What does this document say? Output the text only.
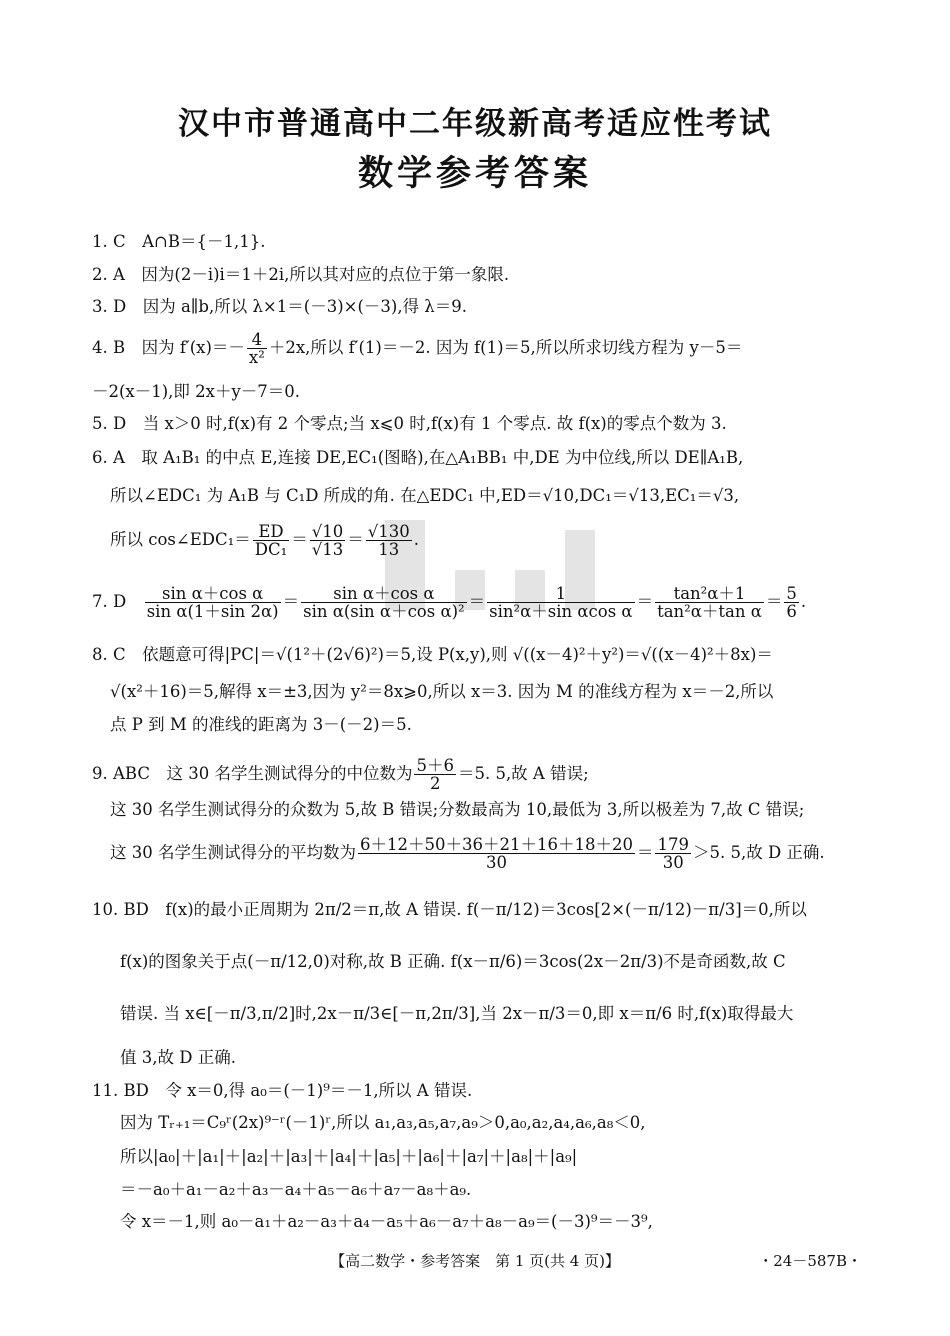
汉中市普通高中二年级新高考适应性考试
数学参考答案
1. C　A∩B＝{－1,1}.
2. A　因为(2－i)i＝1＋2i,所以其对应的点位于第一象限.
3. D　因为 a∥b,所以 λ×1＝(－3)×(－3),得 λ＝9.
4. B　因为 $f'(x)=- \frac{4}{\text{x²}} +2x$,所以 f′(1)＝－2. 因为 f(1)＝5,所以所求切线方程为 y－5＝
－2(x－1),即 2x＋y－7＝0.
5. D　当 x＞0 时,f(x)有 2 个零点;当 x⩽0 时,f(x)有 1 个零点. 故 f(x)的零点个数为 3.
6. A　取 A₁B₁ 的中点 E,连接 DE,EC₁(图略),在△A₁BB₁ 中,DE 为中位线,所以 DE∥A₁B,
所以∠EDC₁ 为 A₁B 与 C₁D 所成的角. 在△EDC₁ 中,ED＝√10,DC₁＝√13,EC₁＝√3,
所以 cos∠EDC₁＝ $\frac{ED}{\text{DC₁}} = \frac{√10}{√13} = \frac{√130}{13}$ .
7. D　 $\frac{\text{sin α＋cos α}}{\text{sin α(1＋sin 2α)}} = \frac{\text{sin α＋cos α}}{\text{sin α(sin α＋cos α)²}} = \frac{1}{\text{sin²α＋sin αcos α}} = \frac{\text{tan²α＋1}}{\text{tan²α＋tan α}} = \frac{5}{6}$ .
8. C　依题意可得|PC|＝√(1²＋(2√6)²)＝5,设 P(x,y),则 √((x－4)²＋y²)＝√((x－4)²＋8x)＝
√(x²＋16)＝5,解得 x＝±3,因为 y²＝8x⩾0,所以 x＝3. 因为 M 的准线方程为 x＝－2,所以
点 P 到 M 的准线的距离为 3－(－2)＝5.
9. ABC　这 30 名学生测试得分的中位数为 $\frac{5+6}{2} =5$. 5,故 A 错误;
这 30 名学生测试得分的众数为 5,故 B 错误;分数最高为 10,最低为 3,所以极差为 7,故 C 错误;
这 30 名学生测试得分的平均数为 $\frac{6+12+50+36+21+16+18+20}{30} = \frac{179}{30} >5$. 5,故 D 正确.
10. BD　f(x)的最小正周期为 2π/2＝π,故 A 错误. f(－π/12)＝3cos[2×(－π/12)－π/3]＝0,所以
f(x)的图象关于点(－π/12,0)对称,故 B 正确. f(x－π/6)＝3cos(2x－2π/3)不是奇函数,故 C
错误. 当 x∈[－π/3,π/2]时,2x－π/3∈[－π,2π/3],当 2x－π/3＝0,即 x＝π/6 时,f(x)取得最大
值 3,故 D 正确.
11. BD　令 x＝0,得 a₀＝(－1)⁹＝－1,所以 A 错误.
因为 Tᵣ₊₁＝C₉ʳ(2x)⁹⁻ʳ(－1)ʳ,所以 a₁,a₃,a₅,a₇,a₉＞0,a₀,a₂,a₄,a₆,a₈＜0,
所以|a₀|＋|a₁|＋|a₂|＋|a₃|＋|a₄|＋|a₅|＋|a₆|＋|a₇|＋|a₈|＋|a₉|
＝－a₀＋a₁－a₂＋a₃－a₄＋a₅－a₆＋a₇－a₈＋a₉.
令 x＝－1,则 a₀－a₁＋a₂－a₃＋a₄－a₅＋a₆－a₇＋a₈－a₉＝(－3)⁹＝－3⁹,
【高二数学・参考答案　第 1 页(共 4 页)】	・24－587B・
